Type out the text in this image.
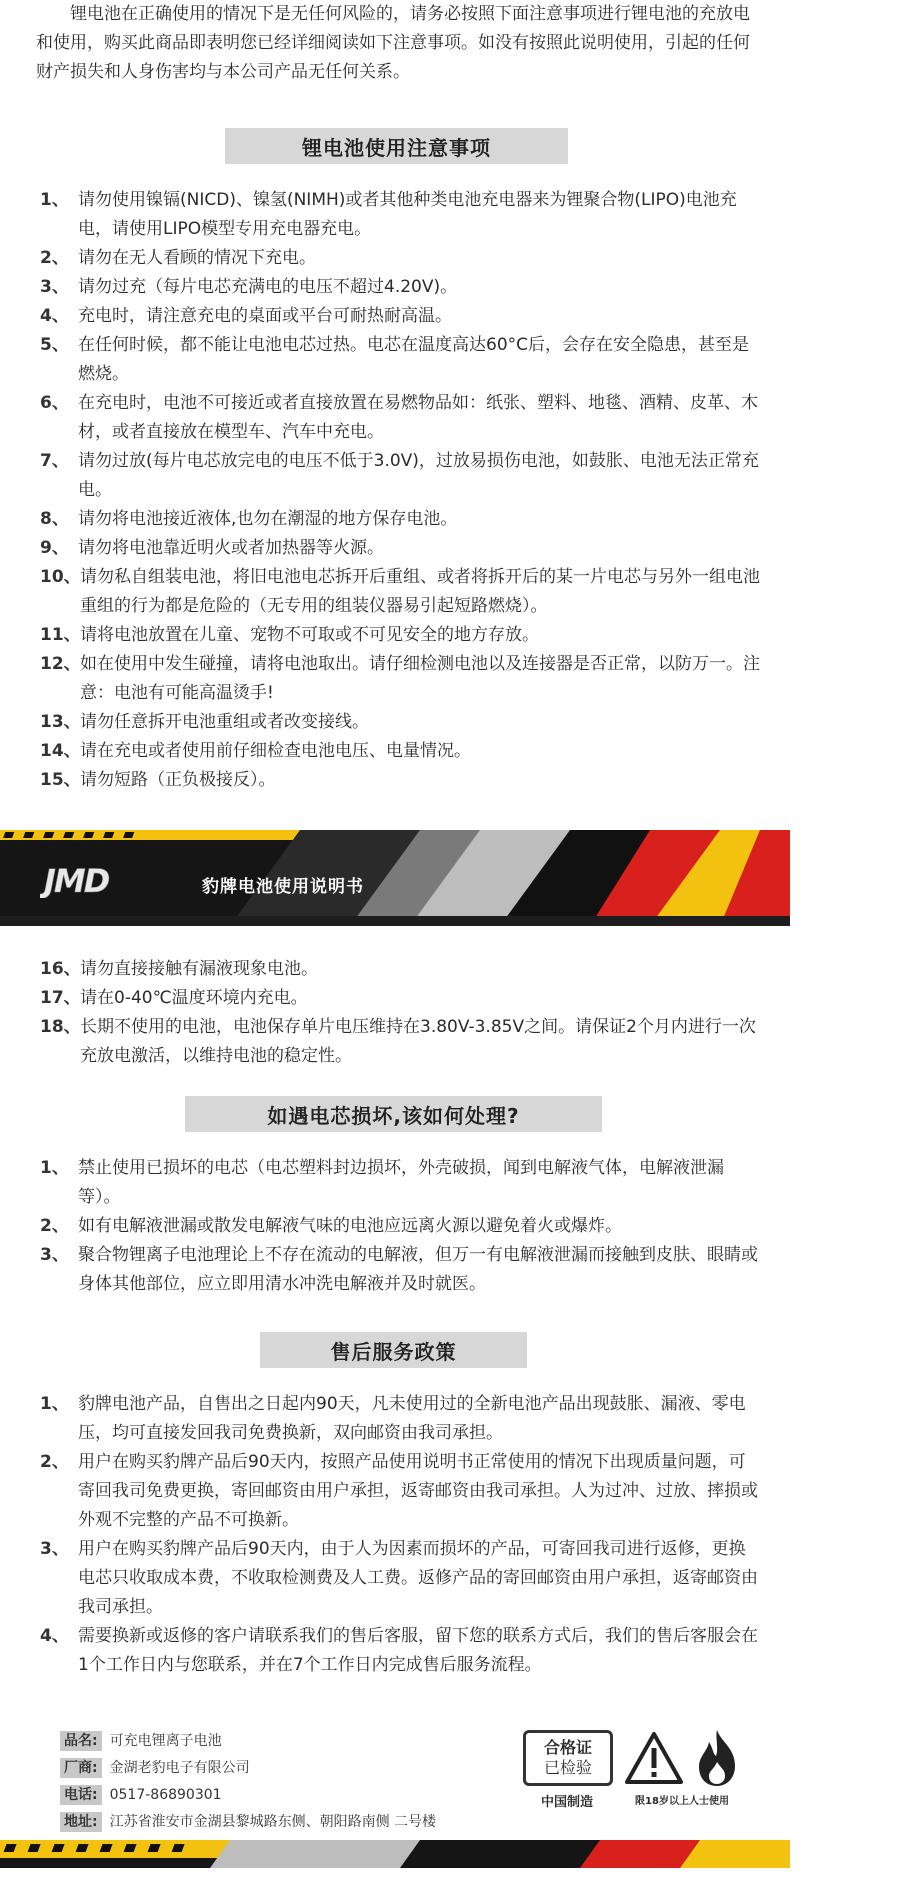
锂电池在正确使用的情况下是无任何风险的，请务必按照下面注意事项进行锂电池的充放电和使用，购买此商品即表明您已经详细阅读如下注意事项。如没有按照此说明使用，引起的任何财产损失和人身伤害均与本公司产品无任何关系。
锂电池使用注意事项
1、 请勿使用镍镉(NICD)、镍氢(NIMH)或者其他种类电池充电器来为锂聚合物(LIPO)电池充电，请使用LIPO模型专用充电器充电。
2、 请勿在无人看顾的情况下充电。
3、 请勿过充（每片电芯充满电的电压不超过4.20V)。
4、 充电时，请注意充电的桌面或平台可耐热耐高温。
5、 在任何时候，都不能让电池电芯过热。电芯在温度高达60°C后，会存在安全隐患，甚至是燃烧。
6、 在充电时，电池不可接近或者直接放置在易燃物品如：纸张、塑料、地毯、酒精、皮革、木材，或者直接放在模型车、汽车中充电。
7、 请勿过放(每片电芯放完电的电压不低于3.0V)，过放易损伤电池，如鼓胀、电池无法正常充电。
8、 请勿将电池接近液体,也勿在潮湿的地方保存电池。
9、 请勿将电池靠近明火或者加热器等火源。
10、 请勿私自组装电池，将旧电池电芯拆开后重组、或者将拆开后的某一片电芯与另外一组电池重组的行为都是危险的（无专用的组装仪器易引起短路燃烧）。
11、 请将电池放置在儿童、宠物不可取或不可见安全的地方存放。
12、 如在使用中发生碰撞，请将电池取出。请仔细检测电池以及连接器是否正常，以防万一。注意：电池有可能高温烫手!
13、 请勿任意拆开电池重组或者改变接线。
14、 请在充电或者使用前仔细检查电池电压、电量情况。
15、 请勿短路（正负极接反）。
JMD	豹牌电池使用说明书
16、 请勿直接接触有漏液现象电池。
17、 请在0-40℃温度环境内充电。
18、 长期不使用的电池，电池保存单片电压维持在3.80V-3.85V之间。请保证2个月内进行一次充放电激活，以维持电池的稳定性。
如遇电芯损坏,该如何处理?
1、 禁止使用已损坏的电芯（电芯塑料封边损坏，外壳破损，闻到电解液气体，电解液泄漏等）。
2、 如有电解液泄漏或散发电解液气味的电池应远离火源以避免着火或爆炸。
3、 聚合物锂离子电池理论上不存在流动的电解液，但万一有电解液泄漏而接触到皮肤、眼睛或身体其他部位，应立即用清水冲洗电解液并及时就医。
售后服务政策
1、 豹牌电池产品，自售出之日起内90天，凡未使用过的全新电池产品出现鼓胀、漏液、零电压，均可直接发回我司免费换新，双向邮资由我司承担。
2、 用户在购买豹牌产品后90天内，按照产品使用说明书正常使用的情况下出现质量问题，可寄回我司免费更换，寄回邮资由用户承担，返寄邮资由我司承担。人为过冲、过放、摔损或外观不完整的产品不可换新。
3、 用户在购买豹牌产品后90天内，由于人为因素而损坏的产品，可寄回我司进行返修，更换电芯只收取成本费，不收取检测费及人工费。返修产品的寄回邮资由用户承担，返寄邮资由我司承担。
4、 需要换新或返修的客户请联系我们的售后客服，留下您的联系方式后，我们的售后客服会在1个工作日内与您联系，并在7个工作日内完成售后服务流程。
品名: 可充电锂离子电池
厂商: 金湖老豹电子有限公司
电话: 0517-86890301
地址: 江苏省淮安市金湖县黎城路东侧、朝阳路南侧 二号楼
合格证
已检验
中国制造	限18岁以上人士使用
